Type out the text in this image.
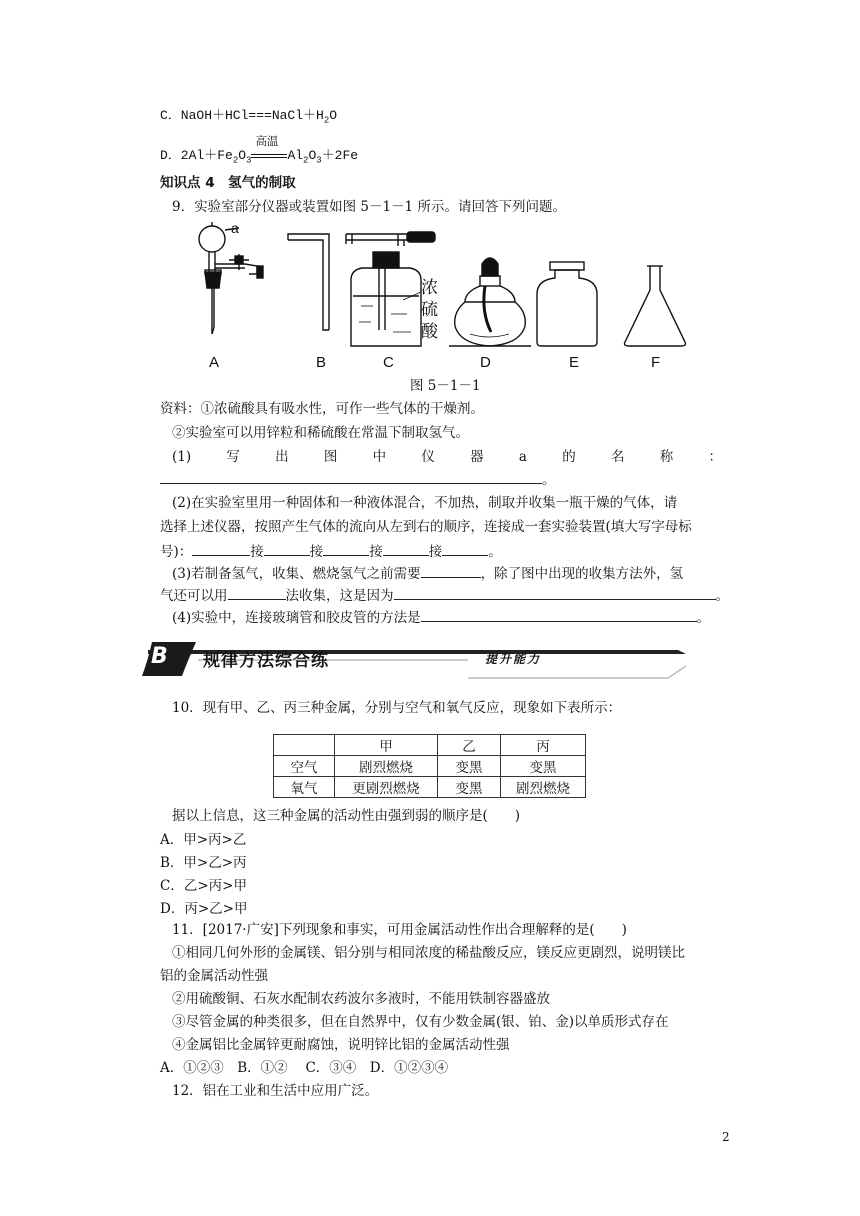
C．$NaOH+HCl===NaCl+H_2O$
D．$2Al+Fe_2O_3$
高温
$Al_2O_3+2Fe$
知识点 4　氢气的制取
9．实验室部分仪器或装置如图 5－1－1 所示。请回答下列问题。
a
浓
硫
酸
A	B	C	D	E	F
图 5－1－1
资料：①浓硫酸具有吸水性，可作一些气体的干燥剂。
②实验室可以用锌粒和稀硫酸在常温下制取氢气。
(1)	写	出	图	中	仪	器	a	的	名	称	：
。
(2)在实验室里用一种固体和一种液体混合，不加热，制取并收集一瓶干燥的气体，请
选择上述仪器，按照产生气体的流向从左到右的顺序，连接成一套实验装置(填大写字母标
号)：	接	接	接	接	。
(3)若制备氢气，收集、燃烧氢气之前需要	，除了图中出现的收集方法外，氢
气还可以用	法收集，这是因为	。
(4)实验中，连接玻璃管和胶皮管的方法是	。
B 规律方法综合练	提升能力
10．现有甲、乙、丙三种金属，分别与空气和氧气反应，现象如下表所示：
	甲	乙	丙
空气	剧烈燃烧	变黑	变黑
氧气	更剧烈燃烧	变黑	剧烈燃烧
据以上信息，这三种金属的活动性由强到弱的顺序是(　　)
A．甲>丙>乙
B．甲>乙>丙
C．乙>丙>甲
D．丙>乙>甲
11．[2017·广安]下列现象和事实，可用金属活动性作出合理解释的是(　　)
①相同几何外形的金属镁、铝分别与相同浓度的稀盐酸反应，镁反应更剧烈，说明镁比
铝的金属活动性强
②用硫酸铜、石灰水配制农药波尔多液时，不能用铁制容器盛放
③尽管金属的种类很多，但在自然界中，仅有少数金属(银、铂、金)以单质形式存在
④金属铝比金属锌更耐腐蚀，说明锌比铝的金属活动性强
A．①②③　B．①②　 C．③④　D．①②③④
12．铝在工业和生活中应用广泛。
2
